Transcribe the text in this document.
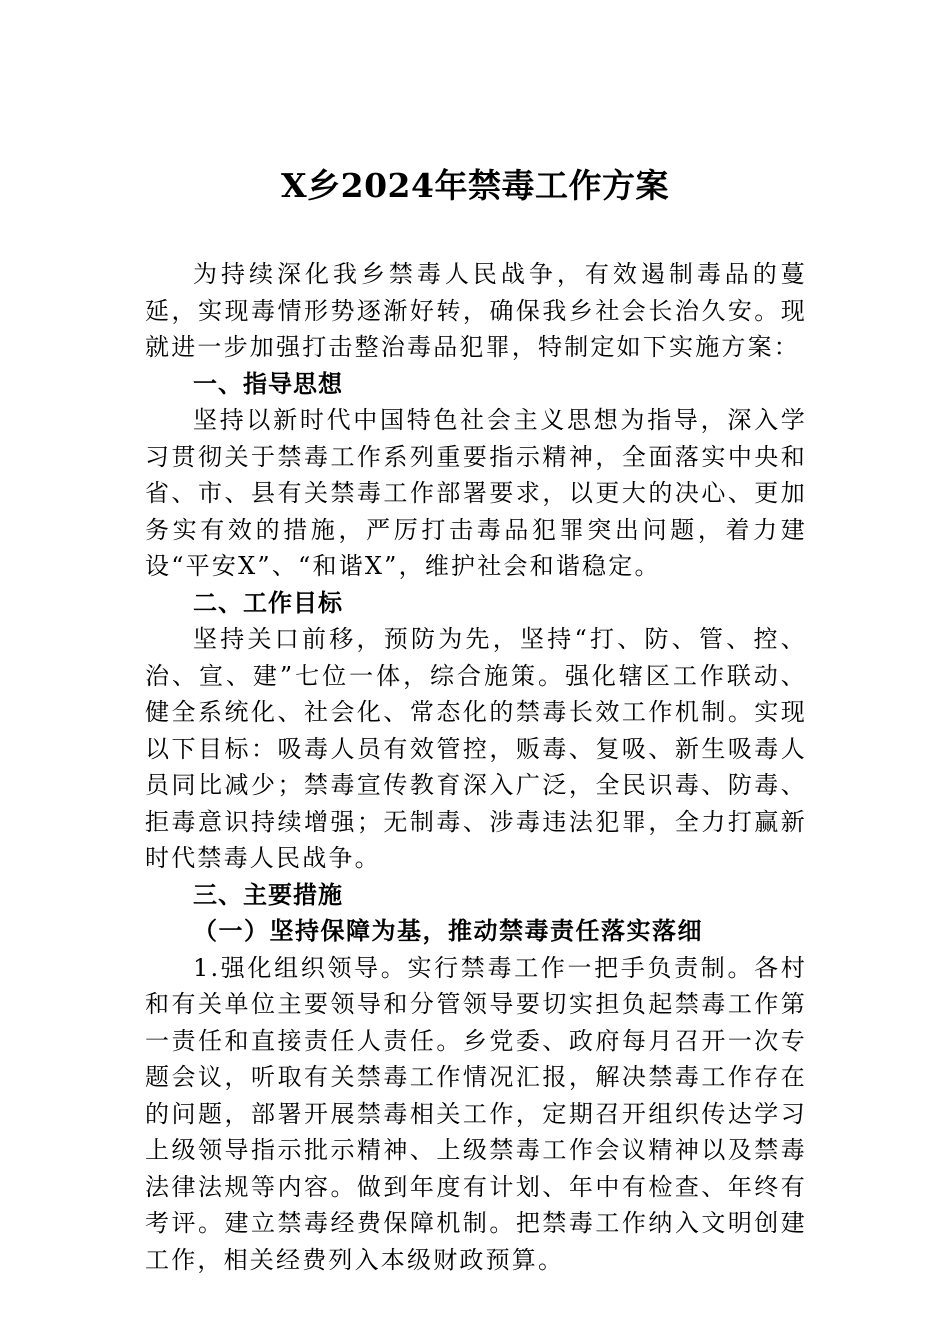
X乡2024年禁毒工作方案

为持续深化我乡禁毒人民战争，有效遏制毒品的蔓延，实现毒情形势逐渐好转，确保我乡社会长治久安。现就进一步加强打击整治毒品犯罪，特制定如下实施方案：

一、指导思想

坚持以新时代中国特色社会主义思想为指导，深入学习贯彻关于禁毒工作系列重要指示精神，全面落实中央和省、市、县有关禁毒工作部署要求，以更大的决心、更加务实有效的措施，严厉打击毒品犯罪突出问题，着力建设“平安X”、“和谐X”，维护社会和谐稳定。

二、工作目标

坚持关口前移，预防为先，坚持“打、防、管、控、治、宣、建”七位一体，综合施策。强化辖区工作联动、健全系统化、社会化、常态化的禁毒长效工作机制。实现以下目标：吸毒人员有效管控，贩毒、复吸、新生吸毒人员同比减少；禁毒宣传教育深入广泛，全民识毒、防毒、拒毒意识持续增强；无制毒、涉毒违法犯罪，全力打赢新时代禁毒人民战争。

三、主要措施

（一）坚持保障为基，推动禁毒责任落实落细

1.强化组织领导。实行禁毒工作一把手负责制。各村和有关单位主要领导和分管领导要切实担负起禁毒工作第一责任和直接责任人责任。乡党委、政府每月召开一次专题会议，听取有关禁毒工作情况汇报，解决禁毒工作存在的问题，部署开展禁毒相关工作，定期召开组织传达学习上级领导指示批示精神、上级禁毒工作会议精神以及禁毒法律法规等内容。做到年度有计划、年中有检查、年终有考评。建立禁毒经费保障机制。把禁毒工作纳入文明创建工作，相关经费列入本级财政预算。
